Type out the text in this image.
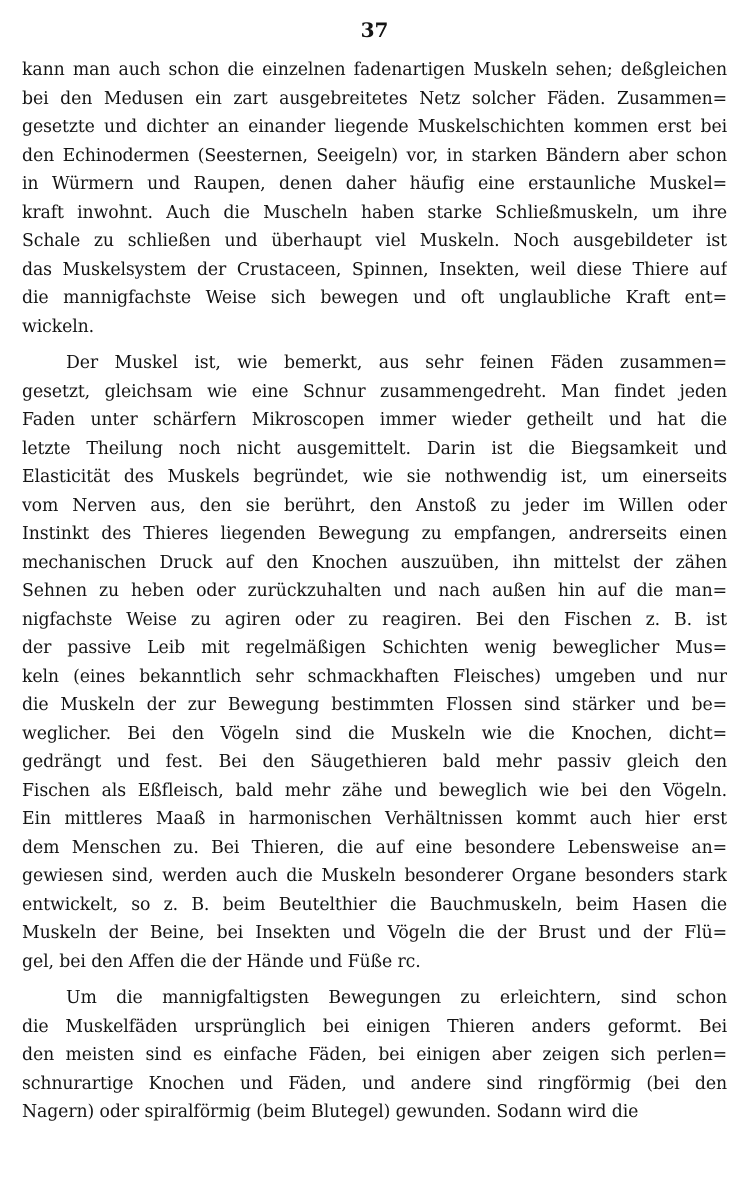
37
kann man auch schon die einzelnen fadenartigen Muskeln sehen; deßgleichen
bei den Medusen ein zart ausgebreitetes Netz solcher Fäden. Zusammen=
gesetzte und dichter an einander liegende Muskelschichten kommen erst bei
den Echinodermen (Seesternen, Seeigeln) vor, in starken Bändern aber schon
in Würmern und Raupen, denen daher häufig eine erstaunliche Muskel=
kraft inwohnt. Auch die Muscheln haben starke Schließmuskeln, um ihre
Schale zu schließen und überhaupt viel Muskeln. Noch ausgebildeter ist
das Muskelsystem der Crustaceen, Spinnen, Insekten, weil diese Thiere auf
die mannigfachste Weise sich bewegen und oft unglaubliche Kraft ent=
wickeln.
Der Muskel ist, wie bemerkt, aus sehr feinen Fäden zusammen=
gesetzt, gleichsam wie eine Schnur zusammengedreht. Man findet jeden
Faden unter schärfern Mikroscopen immer wieder getheilt und hat die
letzte Theilung noch nicht ausgemittelt. Darin ist die Biegsamkeit und
Elasticität des Muskels begründet, wie sie nothwendig ist, um einerseits
vom Nerven aus, den sie berührt, den Anstoß zu jeder im Willen oder
Instinkt des Thieres liegenden Bewegung zu empfangen, andrerseits einen
mechanischen Druck auf den Knochen auszuüben, ihn mittelst der zähen
Sehnen zu heben oder zurückzuhalten und nach außen hin auf die man=
nigfachste Weise zu agiren oder zu reagiren. Bei den Fischen z. B. ist
der passive Leib mit regelmäßigen Schichten wenig beweglicher Mus=
keln (eines bekanntlich sehr schmackhaften Fleisches) umgeben und nur
die Muskeln der zur Bewegung bestimmten Flossen sind stärker und be=
weglicher. Bei den Vögeln sind die Muskeln wie die Knochen, dicht=
gedrängt und fest. Bei den Säugethieren bald mehr passiv gleich den
Fischen als Eßfleisch, bald mehr zähe und beweglich wie bei den Vögeln.
Ein mittleres Maaß in harmonischen Verhältnissen kommt auch hier erst
dem Menschen zu. Bei Thieren, die auf eine besondere Lebensweise an=
gewiesen sind, werden auch die Muskeln besonderer Organe besonders stark
entwickelt, so z. B. beim Beutelthier die Bauchmuskeln, beim Hasen die
Muskeln der Beine, bei Insekten und Vögeln die der Brust und der Flü=
gel, bei den Affen die der Hände und Füße rc.
Um die mannigfaltigsten Bewegungen zu erleichtern, sind schon
die Muskelfäden ursprünglich bei einigen Thieren anders geformt. Bei
den meisten sind es einfache Fäden, bei einigen aber zeigen sich perlen=
schnurartige Knochen und Fäden, und andere sind ringförmig (bei den
Nagern) oder spiralförmig (beim Blutegel) gewunden. Sodann wird die
